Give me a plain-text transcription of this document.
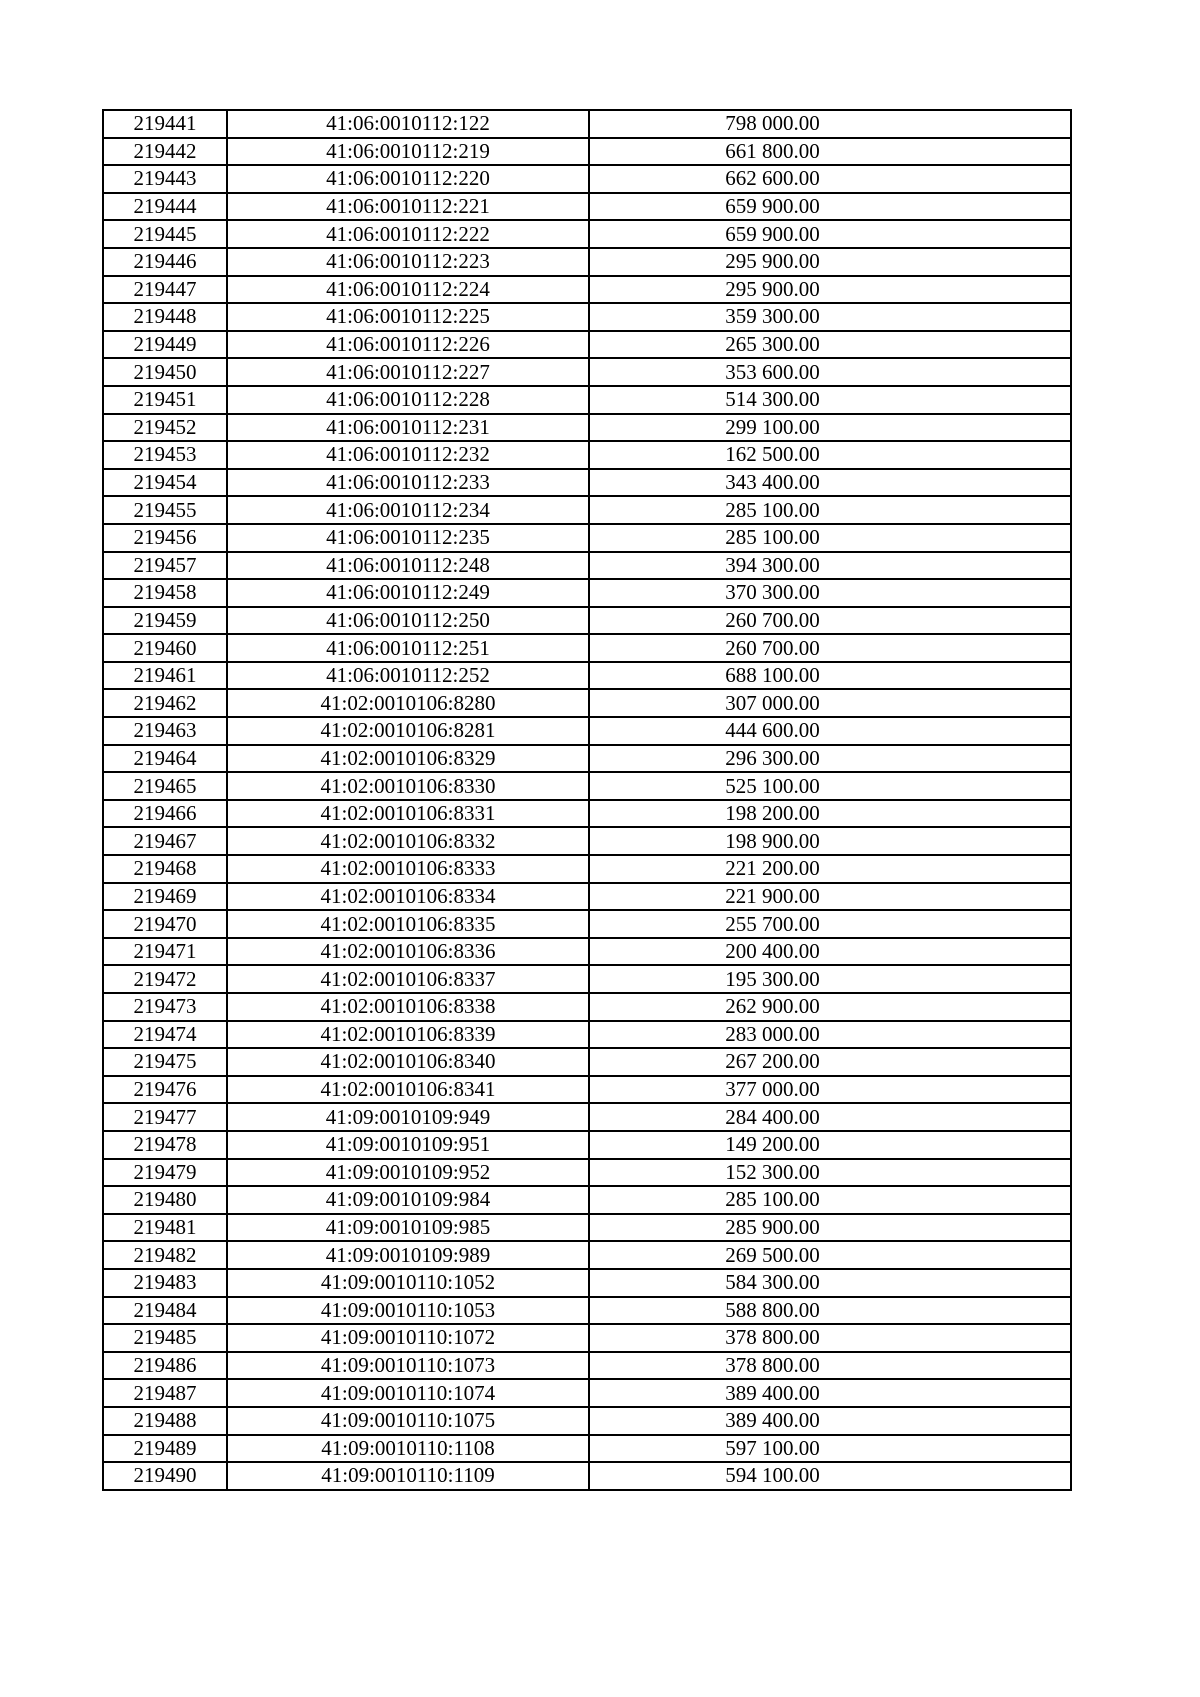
219441	41:06:0010112:122	798 000.00
219442	41:06:0010112:219	661 800.00
219443	41:06:0010112:220	662 600.00
219444	41:06:0010112:221	659 900.00
219445	41:06:0010112:222	659 900.00
219446	41:06:0010112:223	295 900.00
219447	41:06:0010112:224	295 900.00
219448	41:06:0010112:225	359 300.00
219449	41:06:0010112:226	265 300.00
219450	41:06:0010112:227	353 600.00
219451	41:06:0010112:228	514 300.00
219452	41:06:0010112:231	299 100.00
219453	41:06:0010112:232	162 500.00
219454	41:06:0010112:233	343 400.00
219455	41:06:0010112:234	285 100.00
219456	41:06:0010112:235	285 100.00
219457	41:06:0010112:248	394 300.00
219458	41:06:0010112:249	370 300.00
219459	41:06:0010112:250	260 700.00
219460	41:06:0010112:251	260 700.00
219461	41:06:0010112:252	688 100.00
219462	41:02:0010106:8280	307 000.00
219463	41:02:0010106:8281	444 600.00
219464	41:02:0010106:8329	296 300.00
219465	41:02:0010106:8330	525 100.00
219466	41:02:0010106:8331	198 200.00
219467	41:02:0010106:8332	198 900.00
219468	41:02:0010106:8333	221 200.00
219469	41:02:0010106:8334	221 900.00
219470	41:02:0010106:8335	255 700.00
219471	41:02:0010106:8336	200 400.00
219472	41:02:0010106:8337	195 300.00
219473	41:02:0010106:8338	262 900.00
219474	41:02:0010106:8339	283 000.00
219475	41:02:0010106:8340	267 200.00
219476	41:02:0010106:8341	377 000.00
219477	41:09:0010109:949	284 400.00
219478	41:09:0010109:951	149 200.00
219479	41:09:0010109:952	152 300.00
219480	41:09:0010109:984	285 100.00
219481	41:09:0010109:985	285 900.00
219482	41:09:0010109:989	269 500.00
219483	41:09:0010110:1052	584 300.00
219484	41:09:0010110:1053	588 800.00
219485	41:09:0010110:1072	378 800.00
219486	41:09:0010110:1073	378 800.00
219487	41:09:0010110:1074	389 400.00
219488	41:09:0010110:1075	389 400.00
219489	41:09:0010110:1108	597 100.00
219490	41:09:0010110:1109	594 100.00
